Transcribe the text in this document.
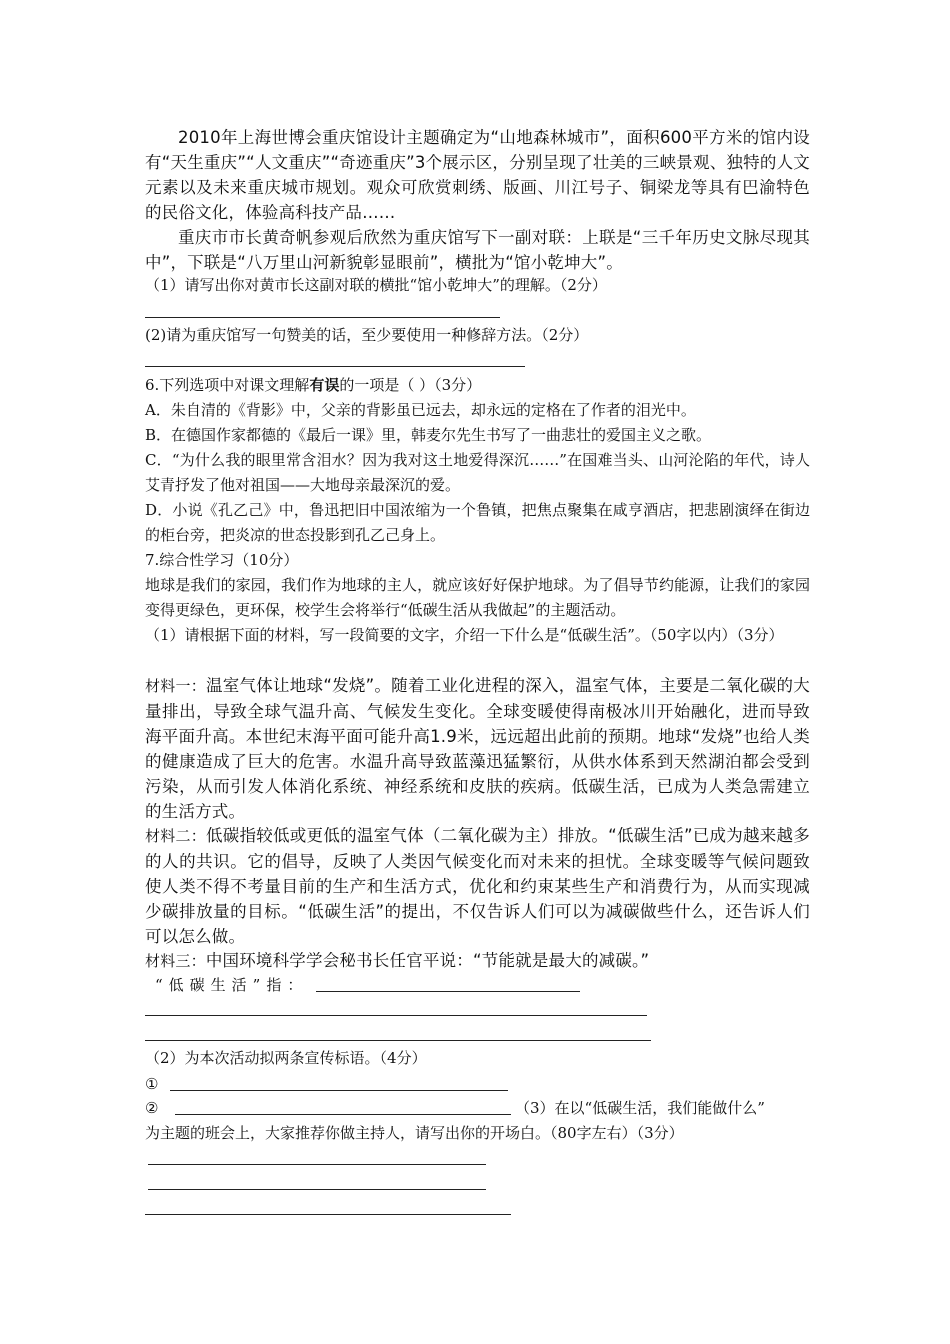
2010年上海世博会重庆馆设计主题确定为“山地森林城市”，面积600平方米的馆内设有“天生重庆”“人文重庆”“奇迹重庆”3个展示区，分别呈现了壮美的三峡景观、独特的人文元素以及未来重庆城市规划。观众可欣赏刺绣、版画、川江号子、铜梁龙等具有巴渝特色的民俗文化，体验高科技产品……

重庆市市长黄奇帆参观后欣然为重庆馆写下一副对联：上联是“三千年历史文脉尽现其中”，下联是“八万里山河新貌彰显眼前”，横批为“馆小乾坤大”。

（1）请写出你对黄市长这副对联的横批“馆小乾坤大”的理解。（2分）

(2)请为重庆馆写一句赞美的话，至少要使用一种修辞方法。（2分）

6.下列选项中对课文理解有误的一项是（ ）（3分）

A．朱自清的《背影》中，父亲的背影虽已远去，却永远的定格在了作者的泪光中。

B．在德国作家都德的《最后一课》里，韩麦尔先生书写了一曲悲壮的爱国主义之歌。

C．“为什么我的眼里常含泪水？因为我对这土地爱得深沉……”在国难当头、山河沦陷的年代，诗人艾青抒发了他对祖国——大地母亲最深沉的爱。

D．小说《孔乙己》中，鲁迅把旧中国浓缩为一个鲁镇，把焦点聚集在咸亨酒店，把悲剧演绎在街边的柜台旁，把炎凉的世态投影到孔乙己身上。

7.综合性学习（10分）

地球是我们的家园，我们作为地球的主人，就应该好好保护地球。为了倡导节约能源，让我们的家园变得更绿色，更环保，校学生会将举行“低碳生活从我做起”的主题活动。

（1）请根据下面的材料，写一段简要的文字，介绍一下什么是“低碳生活”。（50字以内）（3分）

材料一：温室气体让地球“发烧”。随着工业化进程的深入，温室气体，主要是二氧化碳的大量排出，导致全球气温升高、气候发生变化。全球变暖使得南极冰川开始融化，进而导致海平面升高。本世纪末海平面可能升高1.9米，远远超出此前的预期。地球“发烧”也给人类的健康造成了巨大的危害。水温升高导致蓝藻迅猛繁衍，从供水体系到天然湖泊都会受到污染，从而引发人体消化系统、神经系统和皮肤的疾病。低碳生活，已成为人类急需建立的生活方式。

材料二：低碳指较低或更低的温室气体（二氧化碳为主）排放。“低碳生活”已成为越来越多的人的共识。它的倡导，反映了人类因气候变化而对未来的担忧。全球变暖等气候问题致使人类不得不考量目前的生产和生活方式，优化和约束某些生产和消费行为，从而实现减少碳排放量的目标。“低碳生活”的提出，不仅告诉人们可以为减碳做些什么，还告诉人们可以怎么做。

材料三：中国环境科学学会秘书长任官平说：“节能就是最大的减碳。”

“低碳生活”指：

（2）为本次活动拟两条宣传标语。（4分）

①

②	（3）在以“低碳生活，我们能做什么”

为主题的班会上，大家推荐你做主持人，请写出你的开场白。（80字左右）（3分）
